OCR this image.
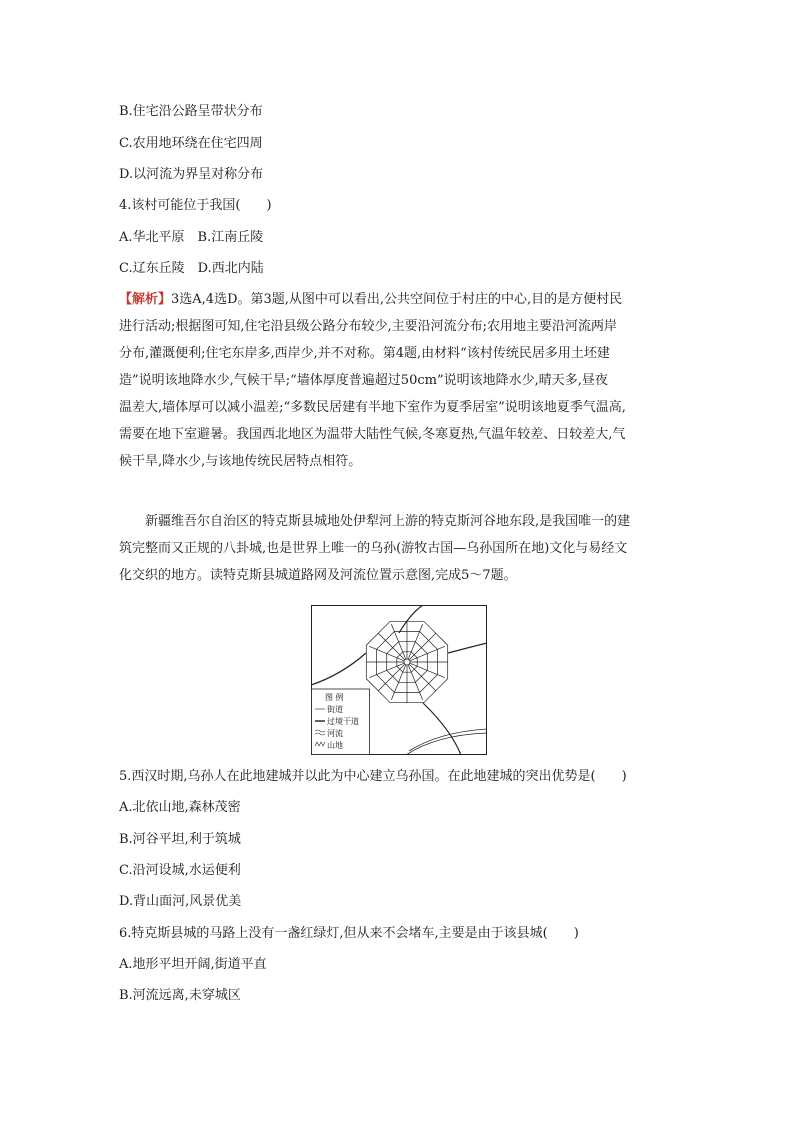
B.住宅沿公路呈带状分布
C.农用地环绕在住宅四周
D.以河流为界呈对称分布
4.该村可能位于我国(　　)
A.华北平原　B.江南丘陵
C.辽东丘陵　D.西北内陆
【解析】3选A,4选D。第3题,从图中可以看出,公共空间位于村庄的中心,目的是方便村民
进行活动;根据图可知,住宅沿县级公路分布较少,主要沿河流分布;农用地主要沿河流两岸
分布,灌溉便利;住宅东岸多,西岸少,并不对称。第4题,由材料“该村传统民居多用土坯建
造”说明该地降水少,气候干旱;“墙体厚度普遍超过50cm”说明该地降水少,晴天多,昼夜
温差大,墙体厚可以减小温差;“多数民居建有半地下室作为夏季居室”说明该地夏季气温高,
需要在地下室避暑。我国西北地区为温带大陆性气候,冬寒夏热,气温年较差、日较差大,气
候干旱,降水少,与该地传统民居特点相符。
　　新疆维吾尔自治区的特克斯县城地处伊犁河上游的特克斯河谷地东段,是我国唯一的建
筑完整而又正规的八卦城,也是世界上唯一的乌孙(游牧古国—乌孙国所在地)文化与易经文
化交织的地方。读特克斯县城道路网及河流位置示意图,完成5～7题。
图 例
街道
过境干道
河流
山地
5.西汉时期,乌孙人在此地建城并以此为中心建立乌孙国。在此地建城的突出优势是(　　)
A.北依山地,森林茂密
B.河谷平坦,利于筑城
C.沿河设城,水运便利
D.背山面河,风景优美
6.特克斯县城的马路上没有一盏红绿灯,但从来不会堵车,主要是由于该县城(　　)
A.地形平坦开阔,街道平直
B.河流远离,未穿城区
